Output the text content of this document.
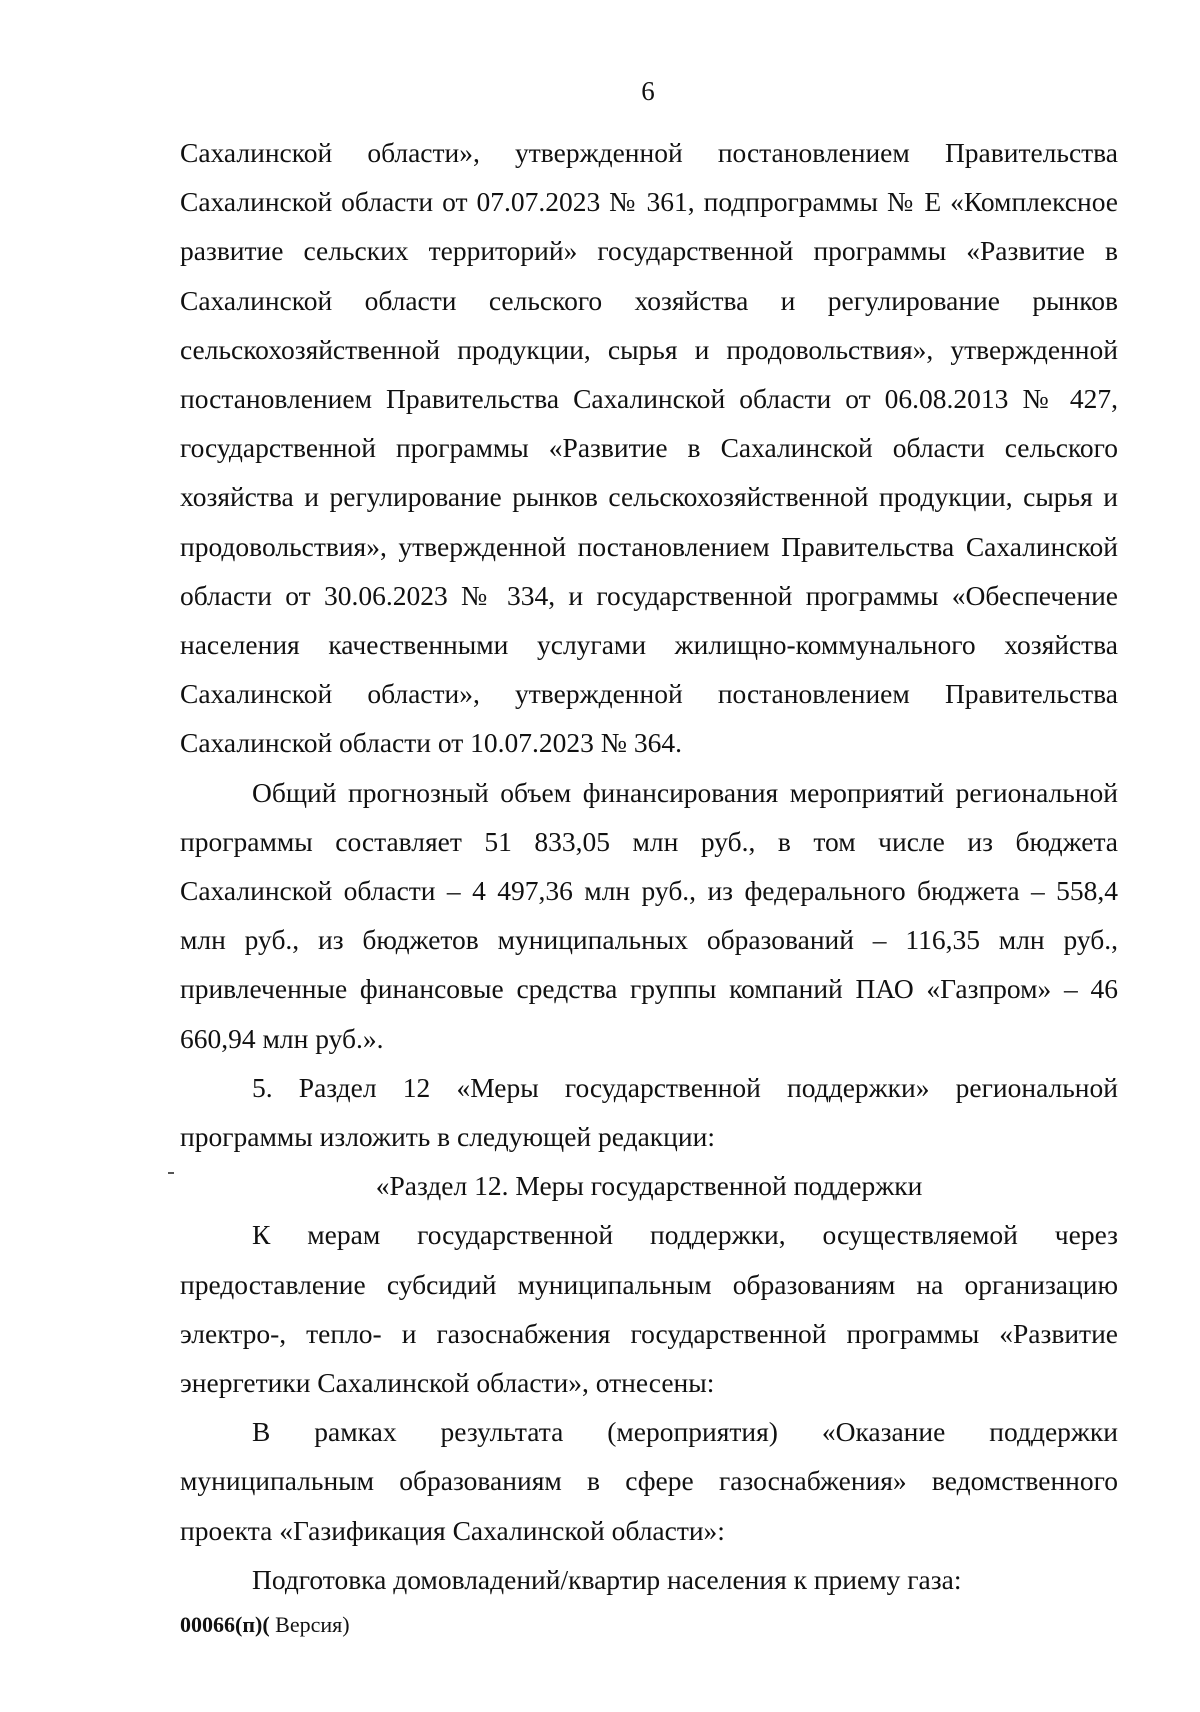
6

Сахалинской области», утвержденной постановлением Правительства Сахалинской области от 07.07.2023 № 361, подпрограммы № Е «Комплексное развитие сельских территорий» государственной программы «Развитие в Сахалинской области сельского хозяйства и регулирование рынков сельскохозяйственной продукции, сырья и продовольствия», утвержденной постановлением Правительства Сахалинской области от 06.08.2013 № 427, государственной программы «Развитие в Сахалинской области сельского хозяйства и регулирование рынков сельскохозяйственной продукции, сырья и продовольствия», утвержденной постановлением Правительства Сахалинской области от 30.06.2023 № 334, и государственной программы «Обеспечение населения качественными услугами жилищно-коммунального хозяйства Сахалинской области», утвержденной постановлением Правительства Сахалинской области от 10.07.2023 № 364.

Общий прогнозный объем финансирования мероприятий региональной программы составляет 51 833,05 млн руб., в том числе из бюджета Сахалинской области – 4 497,36 млн руб., из федерального бюджета – 558,4 млн руб., из бюджетов муниципальных образований – 116,35 млн руб., привлеченные финансовые средства группы компаний ПАО «Газпром» – 46 660,94 млн руб.».

5. Раздел 12 «Меры государственной поддержки» региональной программы изложить в следующей редакции:

«Раздел 12. Меры государственной поддержки

К мерам государственной поддержки, осуществляемой через предоставление субсидий муниципальным образованиям на организацию электро-, тепло- и газоснабжения государственной программы «Развитие энергетики Сахалинской области», отнесены:

В рамках результата (мероприятия) «Оказание поддержки муниципальным образованиям в сфере газоснабжения» ведомственного проекта «Газификация Сахалинской области»:

Подготовка домовладений/квартир населения к приему газа:

00066(п)( Версия)
